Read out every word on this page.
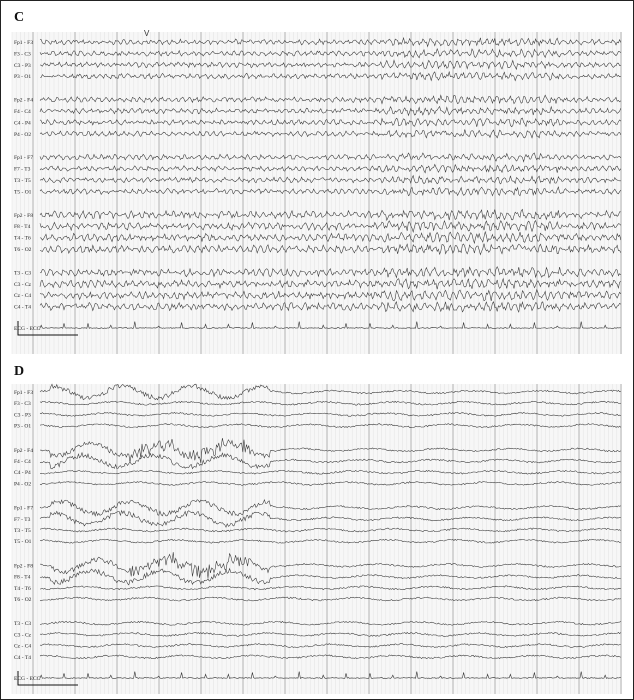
C
Fp1 - F3
F3 - C3
C3 - P3
P3 - O1
Fp2 - F4
F4 - C4
C4 - P4
P4 - O2
Fp1 - F7
F7 - T3
T3 - T5
T5 - O1
Fp2 - F8
F8 - T4
T4 - T6
T6 - O2
T3 - C3
C3 - Cz
Cz - C4
C4 - T4
ECG - ECG
V
D
Fp1 - F3
F3 - C3
C3 - P3
P3 - O1
Fp2 - F4
F4 - C4
C4 - P4
P4 - O2
Fp1 - F7
F7 - T3
T3 - T5
T5 - O1
Fp2 - F8
F8 - T4
T4 - T6
T6 - O2
T3 - C3
C3 - Cz
Cz - C4
C4 - T4
ECG - ECG
